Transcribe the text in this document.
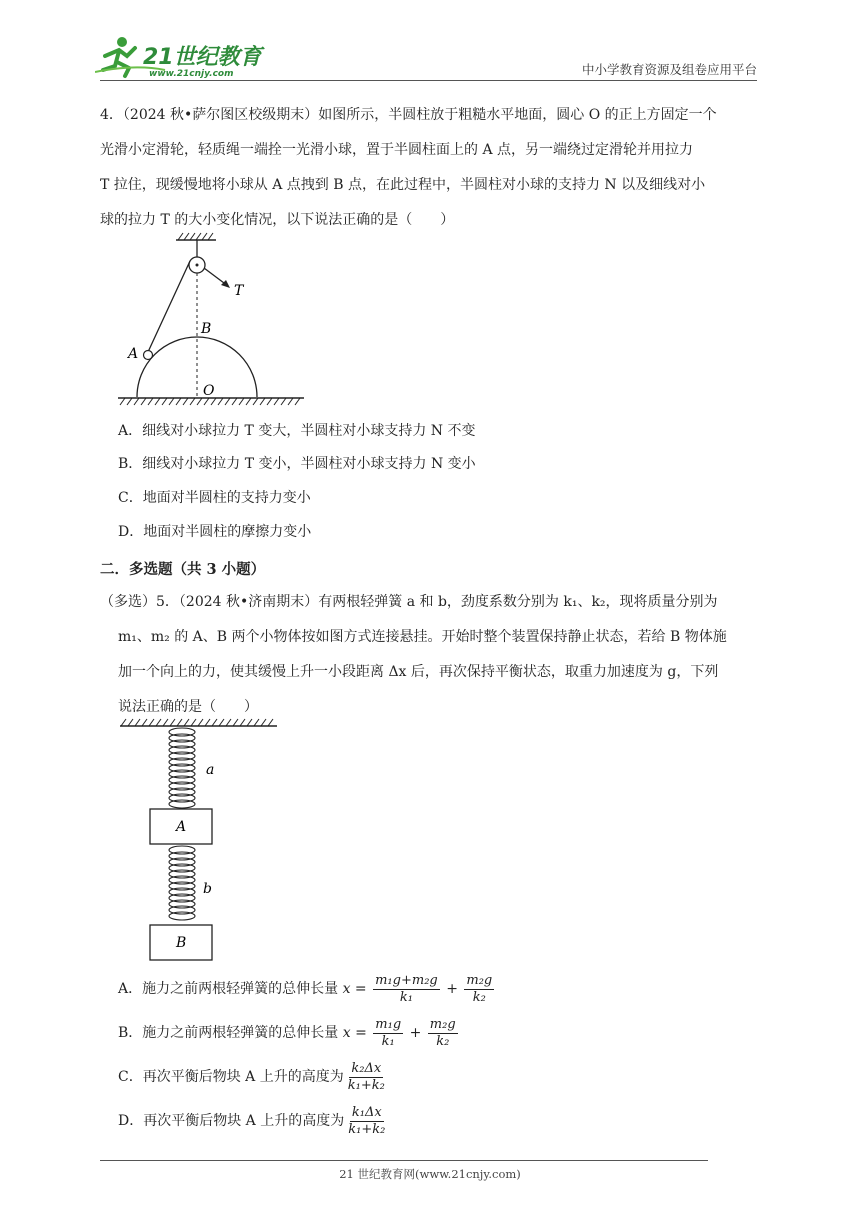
21世纪教育
www.21cnjy.com	中小学教育资源及组卷应用平台
4．（2024 秋•萨尔图区校级期末）如图所示，半圆柱放于粗糙水平地面，圆心 O 的正上方固定一个
光滑小定滑轮，轻质绳一端拴一光滑小球，置于半圆柱面上的 A 点，另一端绕过定滑轮并用拉力
T 拉住，现缓慢地将小球从 A 点拽到 B 点，在此过程中，半圆柱对小球的支持力 N 以及细线对小
球的拉力 T 的大小变化情况，以下说法正确的是（　　）
T
A
B
O
A．细线对小球拉力 T 变大，半圆柱对小球支持力 N 不变
B．细线对小球拉力 T 变小，半圆柱对小球支持力 N 变小
C．地面对半圆柱的支持力变小
D．地面对半圆柱的摩擦力变小
二．多选题（共 3 小题）
（多选）5．（2024 秋•济南期末）有两根轻弹簧 a 和 b，劲度系数分别为 k₁、k₂，现将质量分别为
m₁、m₂ 的 A、B 两个小物体按如图方式连接悬挂。开始时整个装置保持静止状态，若给 B 物体施
加一个向上的力，使其缓慢上升一小段距离 Δx 后，再次保持平衡状态，取重力加速度为 g，下列
说法正确的是（　　）
a
A
b
B
A．施力之前两根轻弹簧的总伸长量 $x = \frac{\text{m₁g+m₂g}}{\text{k₁}} + \frac{\text{m₂g}}{\text{k₂}}$
B．施力之前两根轻弹簧的总伸长量 $x = \frac{\text{m₁g}}{\text{k₁}} + \frac{\text{m₂g}}{\text{k₂}}$
C．再次平衡后物块 A 上升的高度为 $\frac{\text{k₂Δx}}{\text{k₁+k₂}}$
D．再次平衡后物块 A 上升的高度为 $\frac{\text{k₁Δx}}{\text{k₁+k₂}}$
21 世纪教育网(www.21cnjy.com)
